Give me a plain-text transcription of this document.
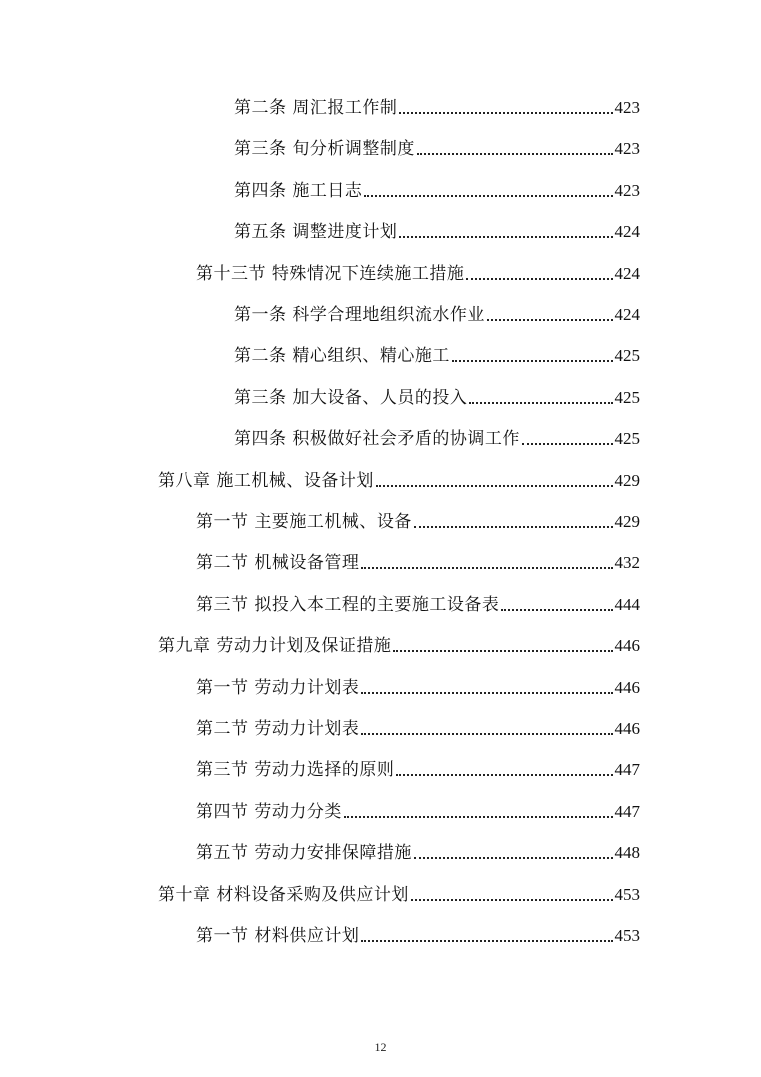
第二条 周汇报工作制	423
第三条 旬分析调整制度	423
第四条 施工日志	423
第五条 调整进度计划	424
第十三节 特殊情况下连续施工措施	424
第一条 科学合理地组织流水作业	424
第二条 精心组织、精心施工	425
第三条 加大设备、人员的投入	425
第四条 积极做好社会矛盾的协调工作	425
第八章 施工机械、设备计划	429
第一节 主要施工机械、设备	429
第二节 机械设备管理	432
第三节 拟投入本工程的主要施工设备表	444
第九章 劳动力计划及保证措施	446
第一节 劳动力计划表	446
第二节 劳动力计划表	446
第三节 劳动力选择的原则	447
第四节 劳动力分类	447
第五节 劳动力安排保障措施	448
第十章 材料设备采购及供应计划	453
第一节 材料供应计划	453
12
